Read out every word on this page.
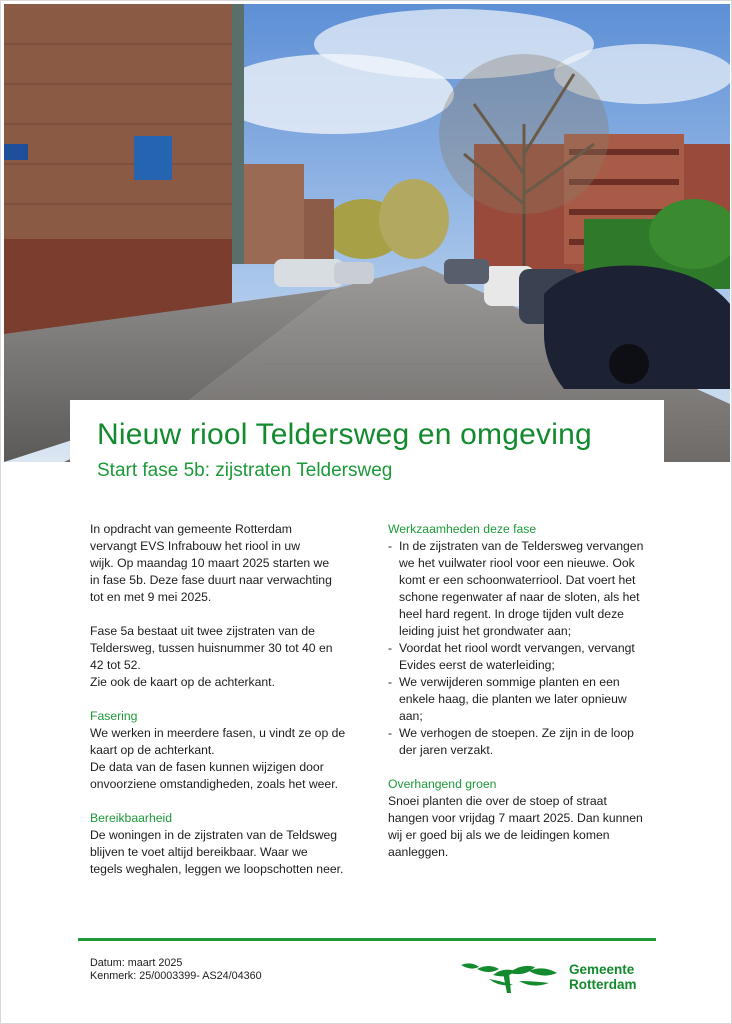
Nieuw riool Teldersweg en omgeving
Start fase 5b: zijstraten Teldersweg
In opdracht van gemeente Rotterdam
vervangt EVS Infrabouw het riool in uw
wijk. Op maandag 10 maart 2025 starten we
in fase 5b. Deze fase duurt naar verwachting
tot en met 9 mei 2025.
Fase 5a bestaat uit twee zijstraten van de
Teldersweg, tussen huisnummer 30 tot 40 en
42 tot 52.
Zie ook de kaart op de achterkant.
Fasering
We werken in meerdere fasen, u vindt ze op de
kaart op de achterkant.
De data van de fasen kunnen wijzigen door
onvoorziene omstandigheden, zoals het weer.
Bereikbaarheid
De woningen in de zijstraten van de Teldsweg
blijven te voet altijd bereikbaar. Waar we
tegels weghalen, leggen we loopschotten neer.
Werkzaamheden deze fase
- In de zijstraten van de Teldersweg vervangen
we het vuilwater riool voor een nieuwe. Ook
komt er een schoonwaterriool. Dat voert het
schone regenwater af naar de sloten, als het
heel hard regent. In droge tijden vult deze
leiding juist het grondwater aan;
- Voordat het riool wordt vervangen, vervangt
Evides eerst de waterleiding;
- We verwijderen sommige planten en een
enkele haag, die planten we later opnieuw
aan;
- We verhogen de stoepen. Ze zijn in de loop
der jaren verzakt.
Overhangend groen
Snoei planten die over de stoep of straat
hangen voor vrijdag 7 maart 2025. Dan kunnen
wij er goed bij als we de leidingen komen
aanleggen.
Datum: maart 2025
Kenmerk: 25/0003399- AS24/04360	Gemeente
Rotterdam
